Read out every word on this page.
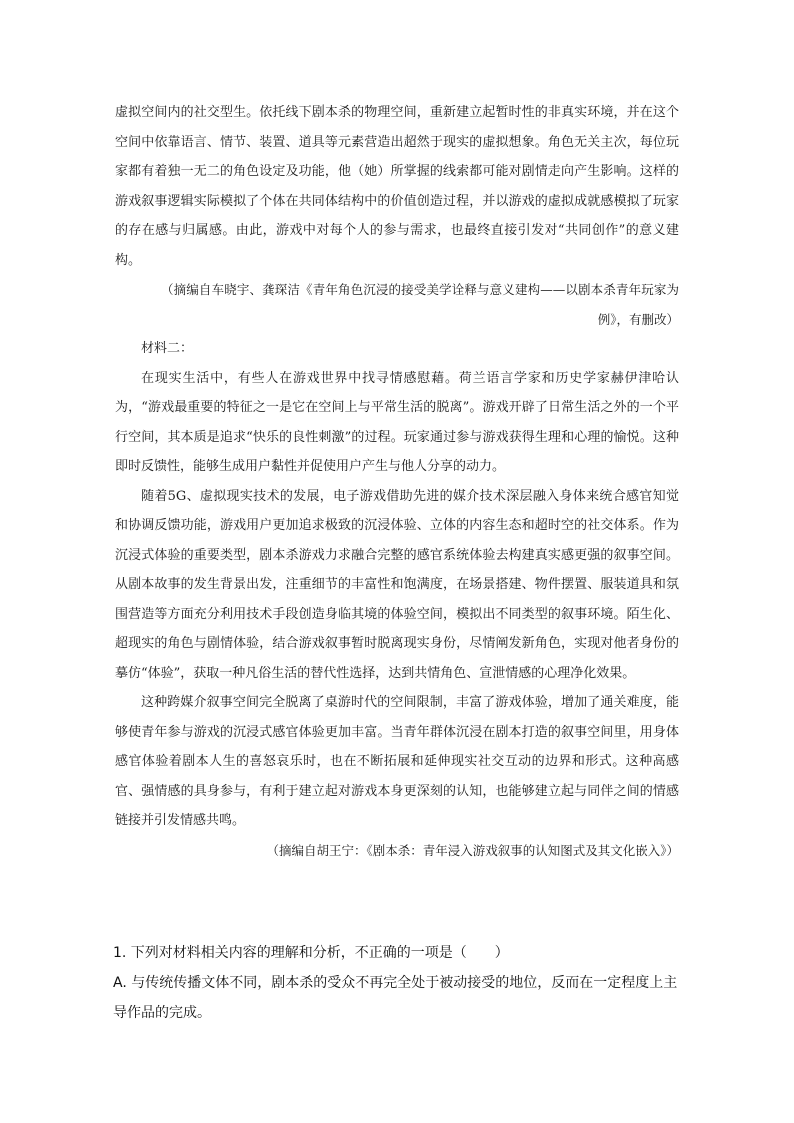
虚拟空间内的社交型生。依托线下剧本杀的物理空间，重新建立起暂时性的非真实环境，并在这个空间中依靠语言、情节、装置、道具等元素营造出超然于现实的虚拟想象。角色无关主次，每位玩家都有着独一无二的角色设定及功能，他（她）所掌握的线索都可能对剧情走向产生影响。这样的游戏叙事逻辑实际模拟了个体在共同体结构中的价值创造过程，并以游戏的虚拟成就感模拟了玩家的存在感与归属感。由此，游戏中对每个人的参与需求，也最终直接引发对“共同创作”的意义建构。

（摘编自车晓宇、龚琛洁《青年角色沉浸的接受美学诠释与意义建构——以剧本杀青年玩家为例》，有删改）

材料二：

在现实生活中，有些人在游戏世界中找寻情感慰藉。荷兰语言学家和历史学家赫伊津哈认为，“游戏最重要的特征之一是它在空间上与平常生活的脱离”。游戏开辟了日常生活之外的一个平行空间，其本质是追求“快乐的良性刺激”的过程。玩家通过参与游戏获得生理和心理的愉悦。这种即时反馈性，能够生成用户黏性并促使用户产生与他人分享的动力。

随着5G、虚拟现实技术的发展，电子游戏借助先进的媒介技术深层融入身体来统合感官知觉和协调反馈功能，游戏用户更加追求极致的沉浸体验、立体的内容生态和超时空的社交体系。作为沉浸式体验的重要类型，剧本杀游戏力求融合完整的感官系统体验去构建真实感更强的叙事空间。从剧本故事的发生背景出发，注重细节的丰富性和饱满度，在场景搭建、物件摆置、服装道具和氛围营造等方面充分利用技术手段创造身临其境的体验空间，模拟出不同类型的叙事环境。陌生化、超现实的角色与剧情体验，结合游戏叙事暂时脱离现实身份，尽情阐发新角色，实现对他者身份的摹仿“体验”，获取一种凡俗生活的替代性选择，达到共情角色、宣泄情感的心理净化效果。

这种跨媒介叙事空间完全脱离了桌游时代的空间限制，丰富了游戏体验，增加了通关难度，能够使青年参与游戏的沉浸式感官体验更加丰富。当青年群体沉浸在剧本打造的叙事空间里，用身体感官体验着剧本人生的喜怒哀乐时，也在不断拓展和延伸现实社交互动的边界和形式。这种高感官、强情感的具身参与，有利于建立起对游戏本身更深刻的认知，也能够建立起与同伴之间的情感链接并引发情感共鸣。

（摘编自胡王宁：《剧本杀：青年浸入游戏叙事的认知图式及其文化嵌入》）

1. 下列对材料相关内容的理解和分析，不正确的一项是（　　）

A. 与传统传播文体不同，剧本杀的受众不再完全处于被动接受的地位，反而在一定程度上主导作品的完成。
